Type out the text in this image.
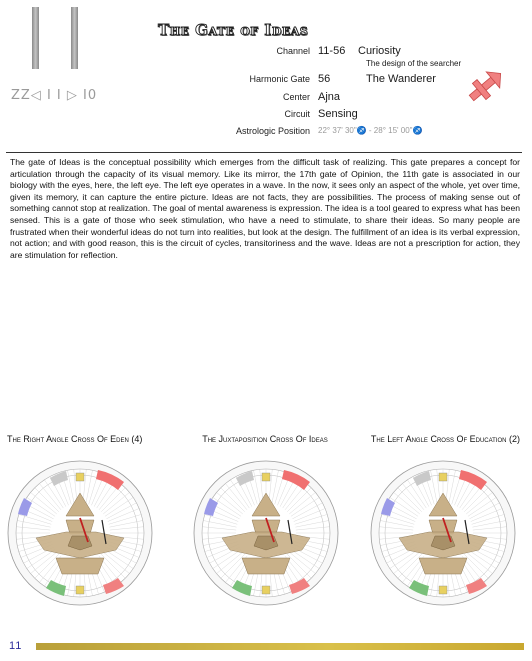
ZZ◁ I I ▷ I0
The Gate of Ideas
Channel 11-56 Curiosity
The design of the searcher
Harmonic Gate 56	The Wanderer
Center Ajna
Circuit Sensing
Astrologic Position 22° 37' 30"♐ - 28° 15' 00"♐

The gate of Ideas is the conceptual possibility which emerges from the difficult task of realizing. This gate prepares a concept for articulation through the capacity of its visual memory. Like its mirror, the 17th gate of Opinion, the 11th gate is associated in our biology with the eyes, here, the left eye. The left eye operates in a wave. In the now, it sees only an aspect of the whole, yet over time, given its memory, it can capture the entire picture. Ideas are not facts, they are possibilities. The process of making sense out of something cannot stop at realization. The goal of mental awareness is expression. The idea is a tool geared to express what has been sensed. This is a gate of those who seek stimulation, who have a need to stimulate, to share their ideas. So many people are frustrated when their wonderful ideas do not turn into realities, but look at the design. The fulfillment of an idea is its verbal expression, not action; and with good reason, this is the circuit of cycles, transitoriness and the wave. Ideas are not a prescription for action, they are stimulation for reflection.

The Right Angle Cross Of Eden (4)	The Juxtaposition Cross Of Ideas	The Left Angle Cross Of Education (2)

11
